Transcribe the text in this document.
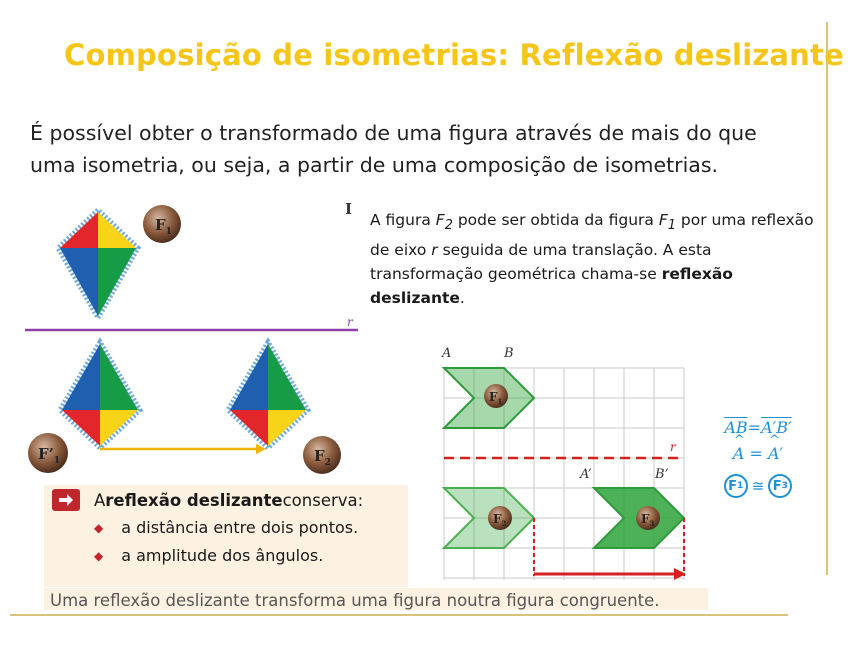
Composição de isometrias: Reflexão deslizante

É possível obter o transformado de uma figura através de mais do que uma isometria, ou seja, a partir de uma composição de isometrias.

I

A figura $F_2$ pode ser obtida da figura $F_1$ por uma reflexão de eixo r seguida de uma translação. A esta transformação geométrica chama-se reflexão deslizante.

$F_1$
r
$F’_1$	$F_2$
A	B
$F_1$
r
A’	B’
$F_2$	$F_3$
$\overline{AB}=A'B'$
^ A = ^ A′
F 1 ≅ F 3
A reflexão deslizante conserva:
◆ a distância entre dois pontos.
◆ a amplitude dos ângulos.
Uma reflexão deslizante transforma uma figura noutra figura congruente.
